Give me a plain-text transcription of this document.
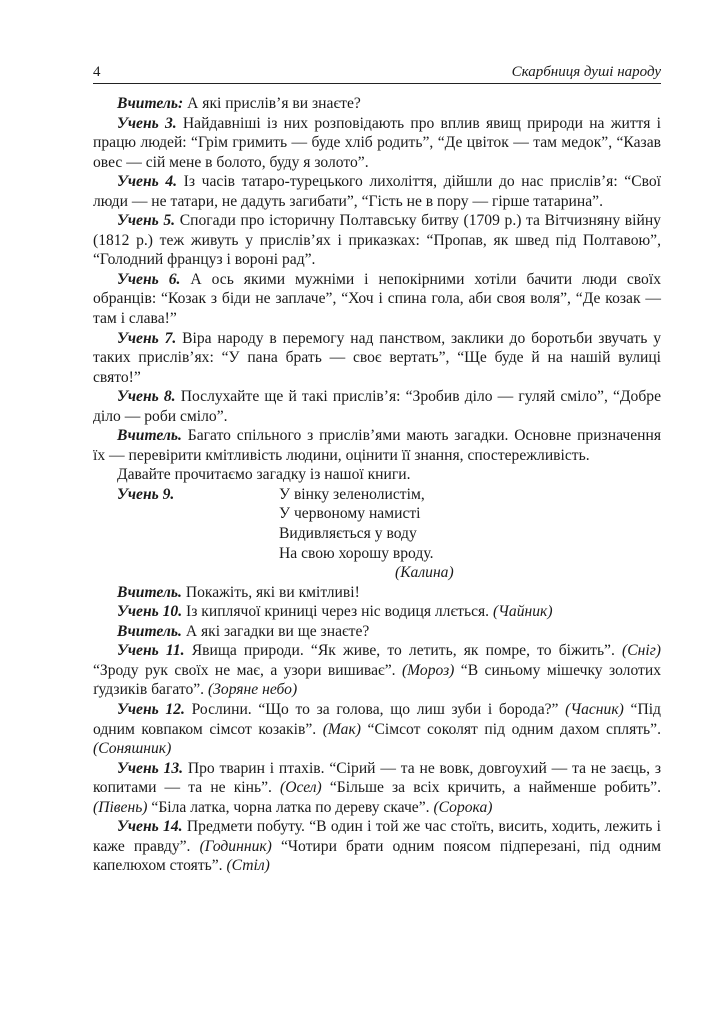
4	Скарбниця душі народу

Вчитель: А які прислів’я ви знаєте?

Учень 3. Найдавніші із них розповідають про вплив явищ природи на життя і працю людей: “Грім гримить — буде хліб родить”, “Де цвіток — там медок”, “Казав овес — сій мене в болото, буду я золото”.

Учень 4. Із часів татаро-турецького лихоліття, дійшли до нас прислів’я: “Свої люди — не татари, не дадуть загибати”, “Гість не в пору — гірше татарина”.

Учень 5. Спогади про історичну Полтавську битву (1709 р.) та Вітчизняну війну (1812 р.) теж живуть у прислів’ях і приказках: “Пропав, як швед під Полтавою”, “Голодний француз і вороні рад”.

Учень 6. А ось якими мужніми і непокірними хотіли бачити люди своїх обранців: “Козак з біди не заплаче”, “Хоч і спина гола, аби своя воля”, “Де козак — там і слава!”

Учень 7. Віра народу в перемогу над панством, заклики до боротьби звучать у таких прислів’ях: “У пана брать — своє вертать”, “Ще буде й на нашій вулиці свято!”

Учень 8. Послухайте ще й такі прислів’я: “Зробив діло — гуляй сміло”, “Добре діло — роби сміло”.

Вчитель. Багато спільного з прислів’ями мають загадки. Основне призначення їх — перевірити кмітливість людини, оцінити її знання, спостережливість.

Давайте прочитаємо загадку із нашої книги.

Учень 9.	У вінку зеленолистім,
У червоному намисті
Видивляється у воду
На свою хорошу вроду.
(Калина)

Вчитель. Покажіть, які ви кмітливі!

Учень 10. Із киплячої криниці через ніс водиця ллється. (Чайник)

Вчитель. А які загадки ви ще знаєте?

Учень 11. Явища природи. “Як живе, то летить, як помре, то біжить”. (Сніг) “Зроду рук своїх не має, а узори вишиває”. (Мороз) “В синьому мішечку золотих ґудзиків багато”. (Зоряне небо)

Учень 12. Рослини. “Що то за голова, що лиш зуби і борода?” (Часник) “Під одним ковпаком сімсот козаків”. (Мак) “Сімсот соколят під одним дахом сплять”. (Соняшник)

Учень 13. Про тварин і птахів. “Сірий — та не вовк, довгоухий — та не заєць, з копитами — та не кінь”. (Осел) “Більше за всіх кричить, а найменше робить”. (Півень) “Біла латка, чорна латка по дереву скаче”. (Сорока)

Учень 14. Предмети побуту. “В один і той же час стоїть, висить, ходить, лежить і каже правду”. (Годинник) “Чотири брати одним поясом підперезані, під одним капелюхом стоять”. (Стіл)
